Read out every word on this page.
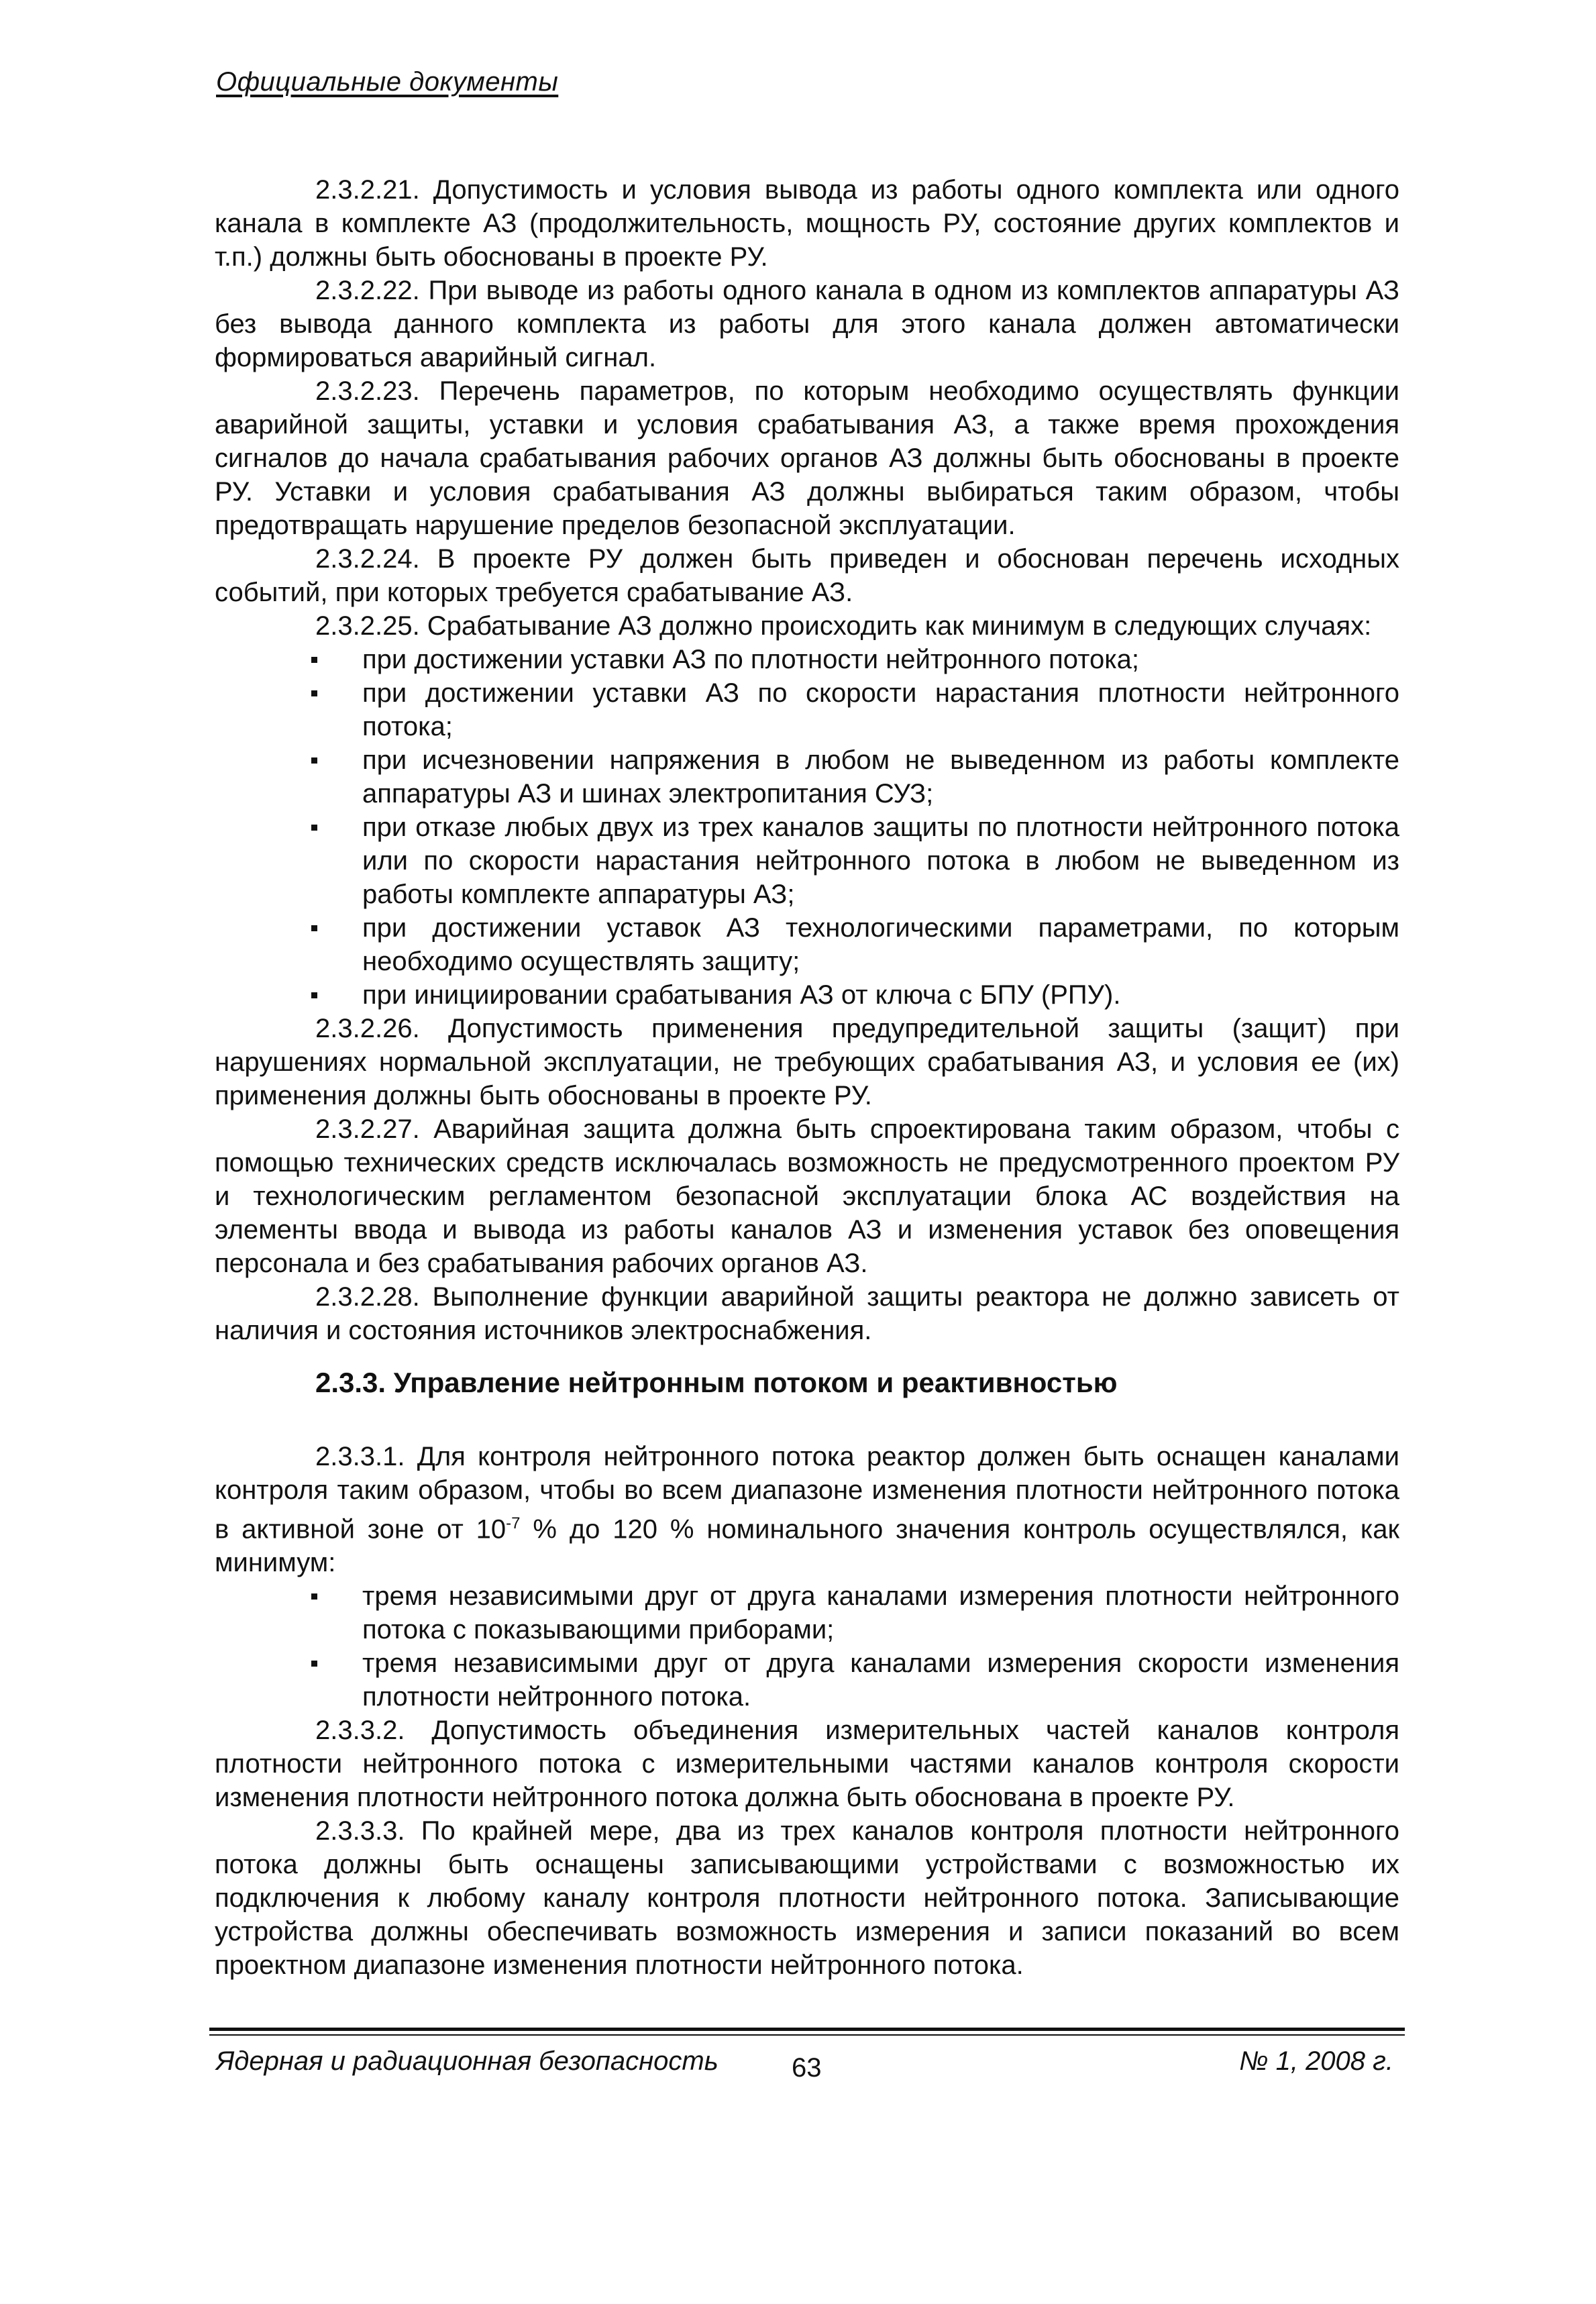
Официальные документы

2.3.2.21. Допустимость и условия вывода из работы одного комплекта или одного канала в комплекте АЗ (продолжительность, мощность РУ, состояние других комплектов и т.п.) должны быть обоснованы в проекте РУ.

2.3.2.22. При выводе из работы одного канала в одном из комплектов аппаратуры АЗ без вывода данного комплекта из работы для этого канала должен автоматически формироваться аварийный сигнал.

2.3.2.23. Перечень параметров, по которым необходимо осуществлять функции аварийной защиты, уставки и условия срабатывания АЗ, а также время прохождения сигналов до начала срабатывания рабочих органов АЗ должны быть обоснованы в проекте РУ. Уставки и условия срабатывания АЗ должны выбираться таким образом, чтобы предотвращать нарушение пределов безопасной эксплуатации.

2.3.2.24. В проекте РУ должен быть приведен и обоснован перечень исходных событий, при которых требуется срабатывание АЗ.

2.3.2.25. Срабатывание АЗ должно происходить как минимум в следующих случаях:

при достижении уставки АЗ по плотности нейтронного потока;
при достижении уставки АЗ по скорости нарастания плотности нейтронного потока;
при исчезновении напряжения в любом не выведенном из работы комплекте аппаратуры АЗ и шинах электропитания СУЗ;
при отказе любых двух из трех каналов защиты по плотности нейтронного потока или по скорости нарастания нейтронного потока в любом не выведенном из работы комплекте аппаратуры АЗ;
при достижении уставок АЗ технологическими параметрами, по которым необходимо осуществлять защиту;
при инициировании срабатывания АЗ от ключа с БПУ (РПУ).

2.3.2.26. Допустимость применения предупредительной защиты (защит) при нарушениях нормальной эксплуатации, не требующих срабатывания АЗ, и условия ее (их) применения должны быть обоснованы в проекте РУ.

2.3.2.27. Аварийная защита должна быть спроектирована таким образом, чтобы с помощью технических средств исключалась возможность не предусмотренного проектом РУ и технологическим регламентом безопасной эксплуатации блока АС воздействия на элементы ввода и вывода из работы каналов АЗ и изменения уставок без оповещения персонала и без срабатывания рабочих органов АЗ.

2.3.2.28. Выполнение функции аварийной защиты реактора не должно зависеть от наличия и состояния источников электроснабжения.

2.3.3. Управление нейтронным потоком и реактивностью

2.3.3.1. Для контроля нейтронного потока реактор должен быть оснащен каналами контроля таким образом, чтобы во всем диапазоне изменения плотности нейтронного потока в активной зоне от $10^{-7}$ % до 120 % номинального значения контроль осуществлялся, как минимум:

тремя независимыми друг от друга каналами измерения плотности нейтронного потока с показывающими приборами;
тремя независимыми друг от друга каналами измерения скорости изменения плотности нейтронного потока.

2.3.3.2. Допустимость объединения измерительных частей каналов контроля плотности нейтронного потока с измерительными частями каналов контроля скорости изменения плотности нейтронного потока должна быть обоснована в проекте РУ.

2.3.3.3. По крайней мере, два из трех каналов контроля плотности нейтронного потока должны быть оснащены записывающими устройствами с возможностью их подключения к любому каналу контроля плотности нейтронного потока. Записывающие устройства должны обеспечивать возможность измерения и записи показаний во всем проектном диапазоне изменения плотности нейтронного потока.

Ядерная и радиационная безопасность	63	№ 1, 2008 г.
